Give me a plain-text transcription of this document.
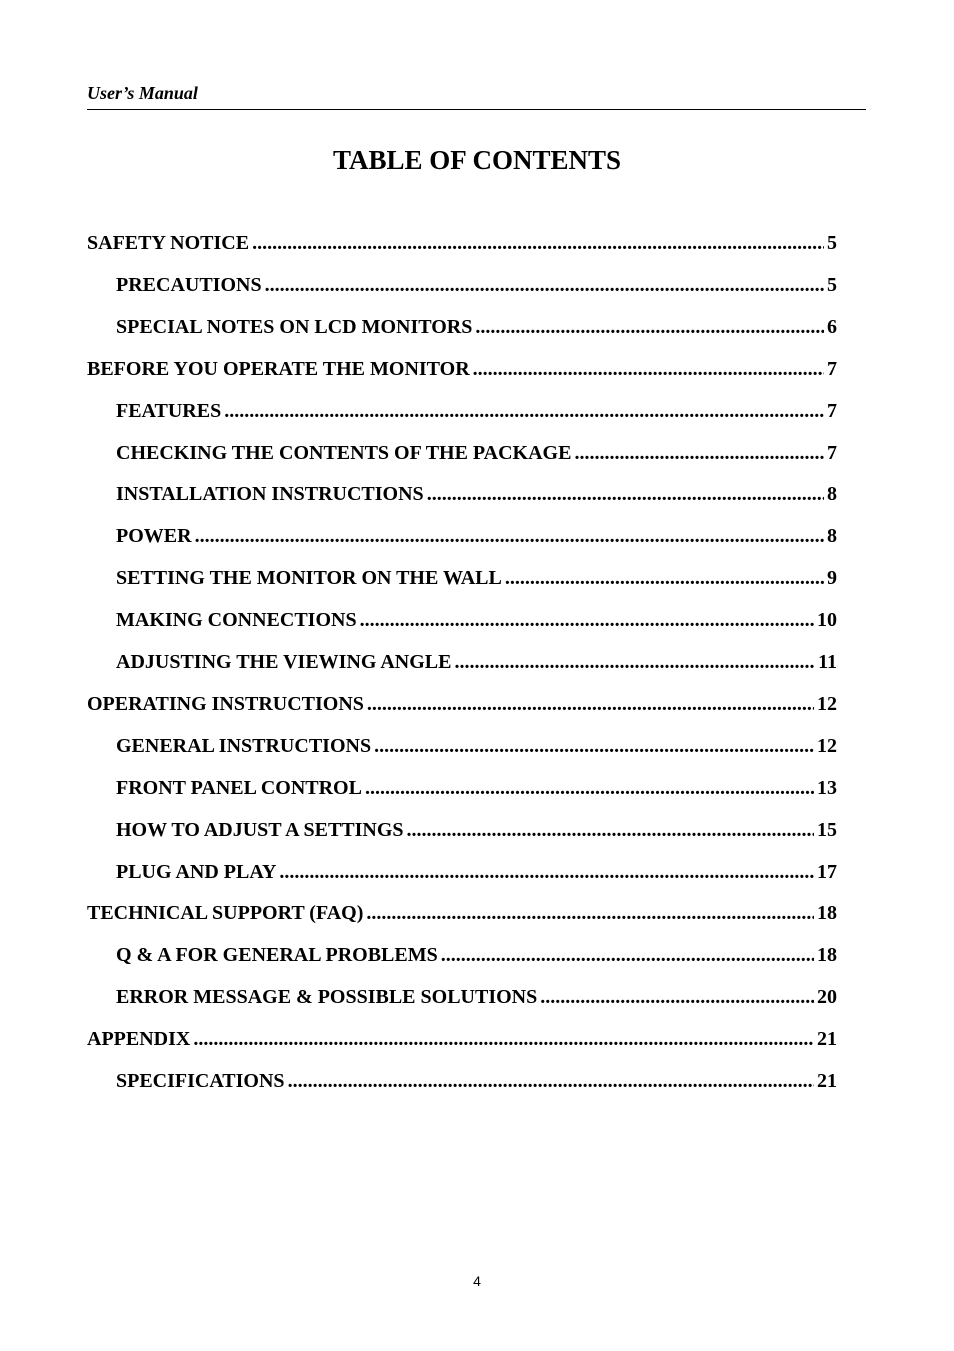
User’s Manual
TABLE OF CONTENTS
SAFETY NOTICE .....	5
PRECAUTIONS .....	5
SPECIAL NOTES ON LCD MONITORS .....	6
BEFORE YOU OPERATE THE MONITOR .....	7
FEATURES .....	7
CHECKING THE CONTENTS OF THE PACKAGE .....	7
INSTALLATION INSTRUCTIONS .....	8
POWER .....	8
SETTING THE MONITOR ON THE WALL .....	9
MAKING CONNECTIONS .....	10
ADJUSTING THE VIEWING ANGLE .....	11
OPERATING INSTRUCTIONS .....	12
GENERAL INSTRUCTIONS .....	12
FRONT PANEL CONTROL .....	13
HOW TO ADJUST A SETTINGS .....	15
PLUG AND PLAY .....	17
TECHNICAL SUPPORT (FAQ) .....	18
Q & A FOR GENERAL PROBLEMS .....	18
ERROR MESSAGE & POSSIBLE SOLUTIONS .....	20
APPENDIX .....	21
SPECIFICATIONS .....	21
4
